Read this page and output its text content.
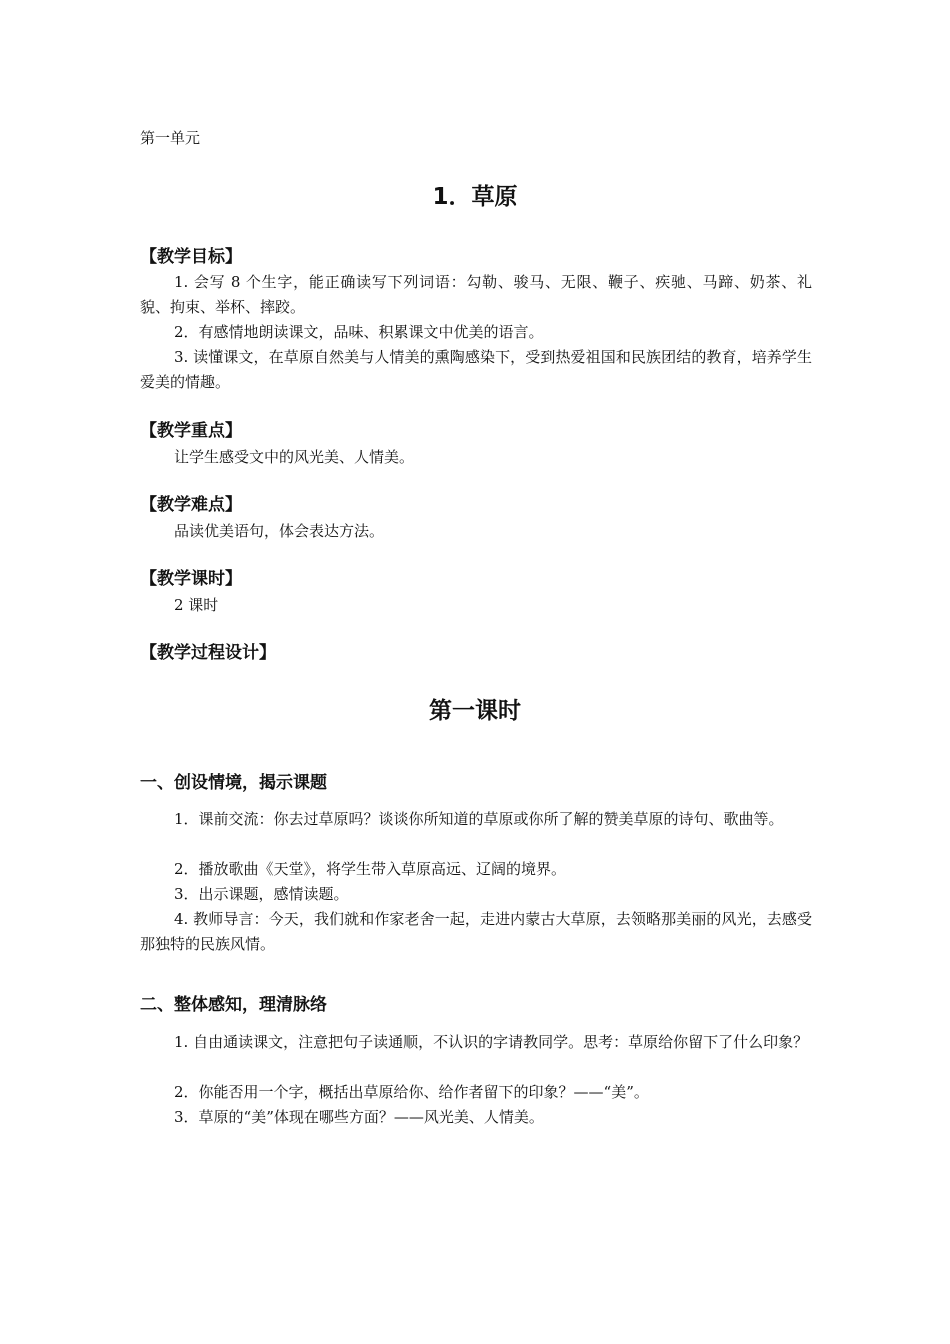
第一单元
1．草原
【教学目标】
1. 会写 8 个生字，能正确读写下列词语：勾勒、骏马、无限、鞭子、疾驰、马蹄、奶茶、礼貌、拘束、举杯、摔跤。
2．有感情地朗读课文，品味、积累课文中优美的语言。
3. 读懂课文，在草原自然美与人情美的熏陶感染下，受到热爱祖国和民族团结的教育，培养学生爱美的情趣。
【教学重点】
让学生感受文中的风光美、人情美。
【教学难点】
品读优美语句，体会表达方法。
【教学课时】
2 课时
【教学过程设计】
第一课时
一、创设情境，揭示课题
1．课前交流：你去过草原吗？谈谈你所知道的草原或你所了解的赞美草原的诗句、歌曲等。
2．播放歌曲《天堂》，将学生带入草原高远、辽阔的境界。
3．出示课题，感情读题。
4. 教师导言：今天，我们就和作家老舍一起，走进内蒙古大草原，去领略那美丽的风光，去感受那独特的民族风情。
二、整体感知，理清脉络
1. 自由通读课文，注意把句子读通顺，不认识的字请教同学。思考：草原给你留下了什么印象？
2．你能否用一个字，概括出草原给你、给作者留下的印象？——“美”。
3．草原的“美”体现在哪些方面？——风光美、人情美。
